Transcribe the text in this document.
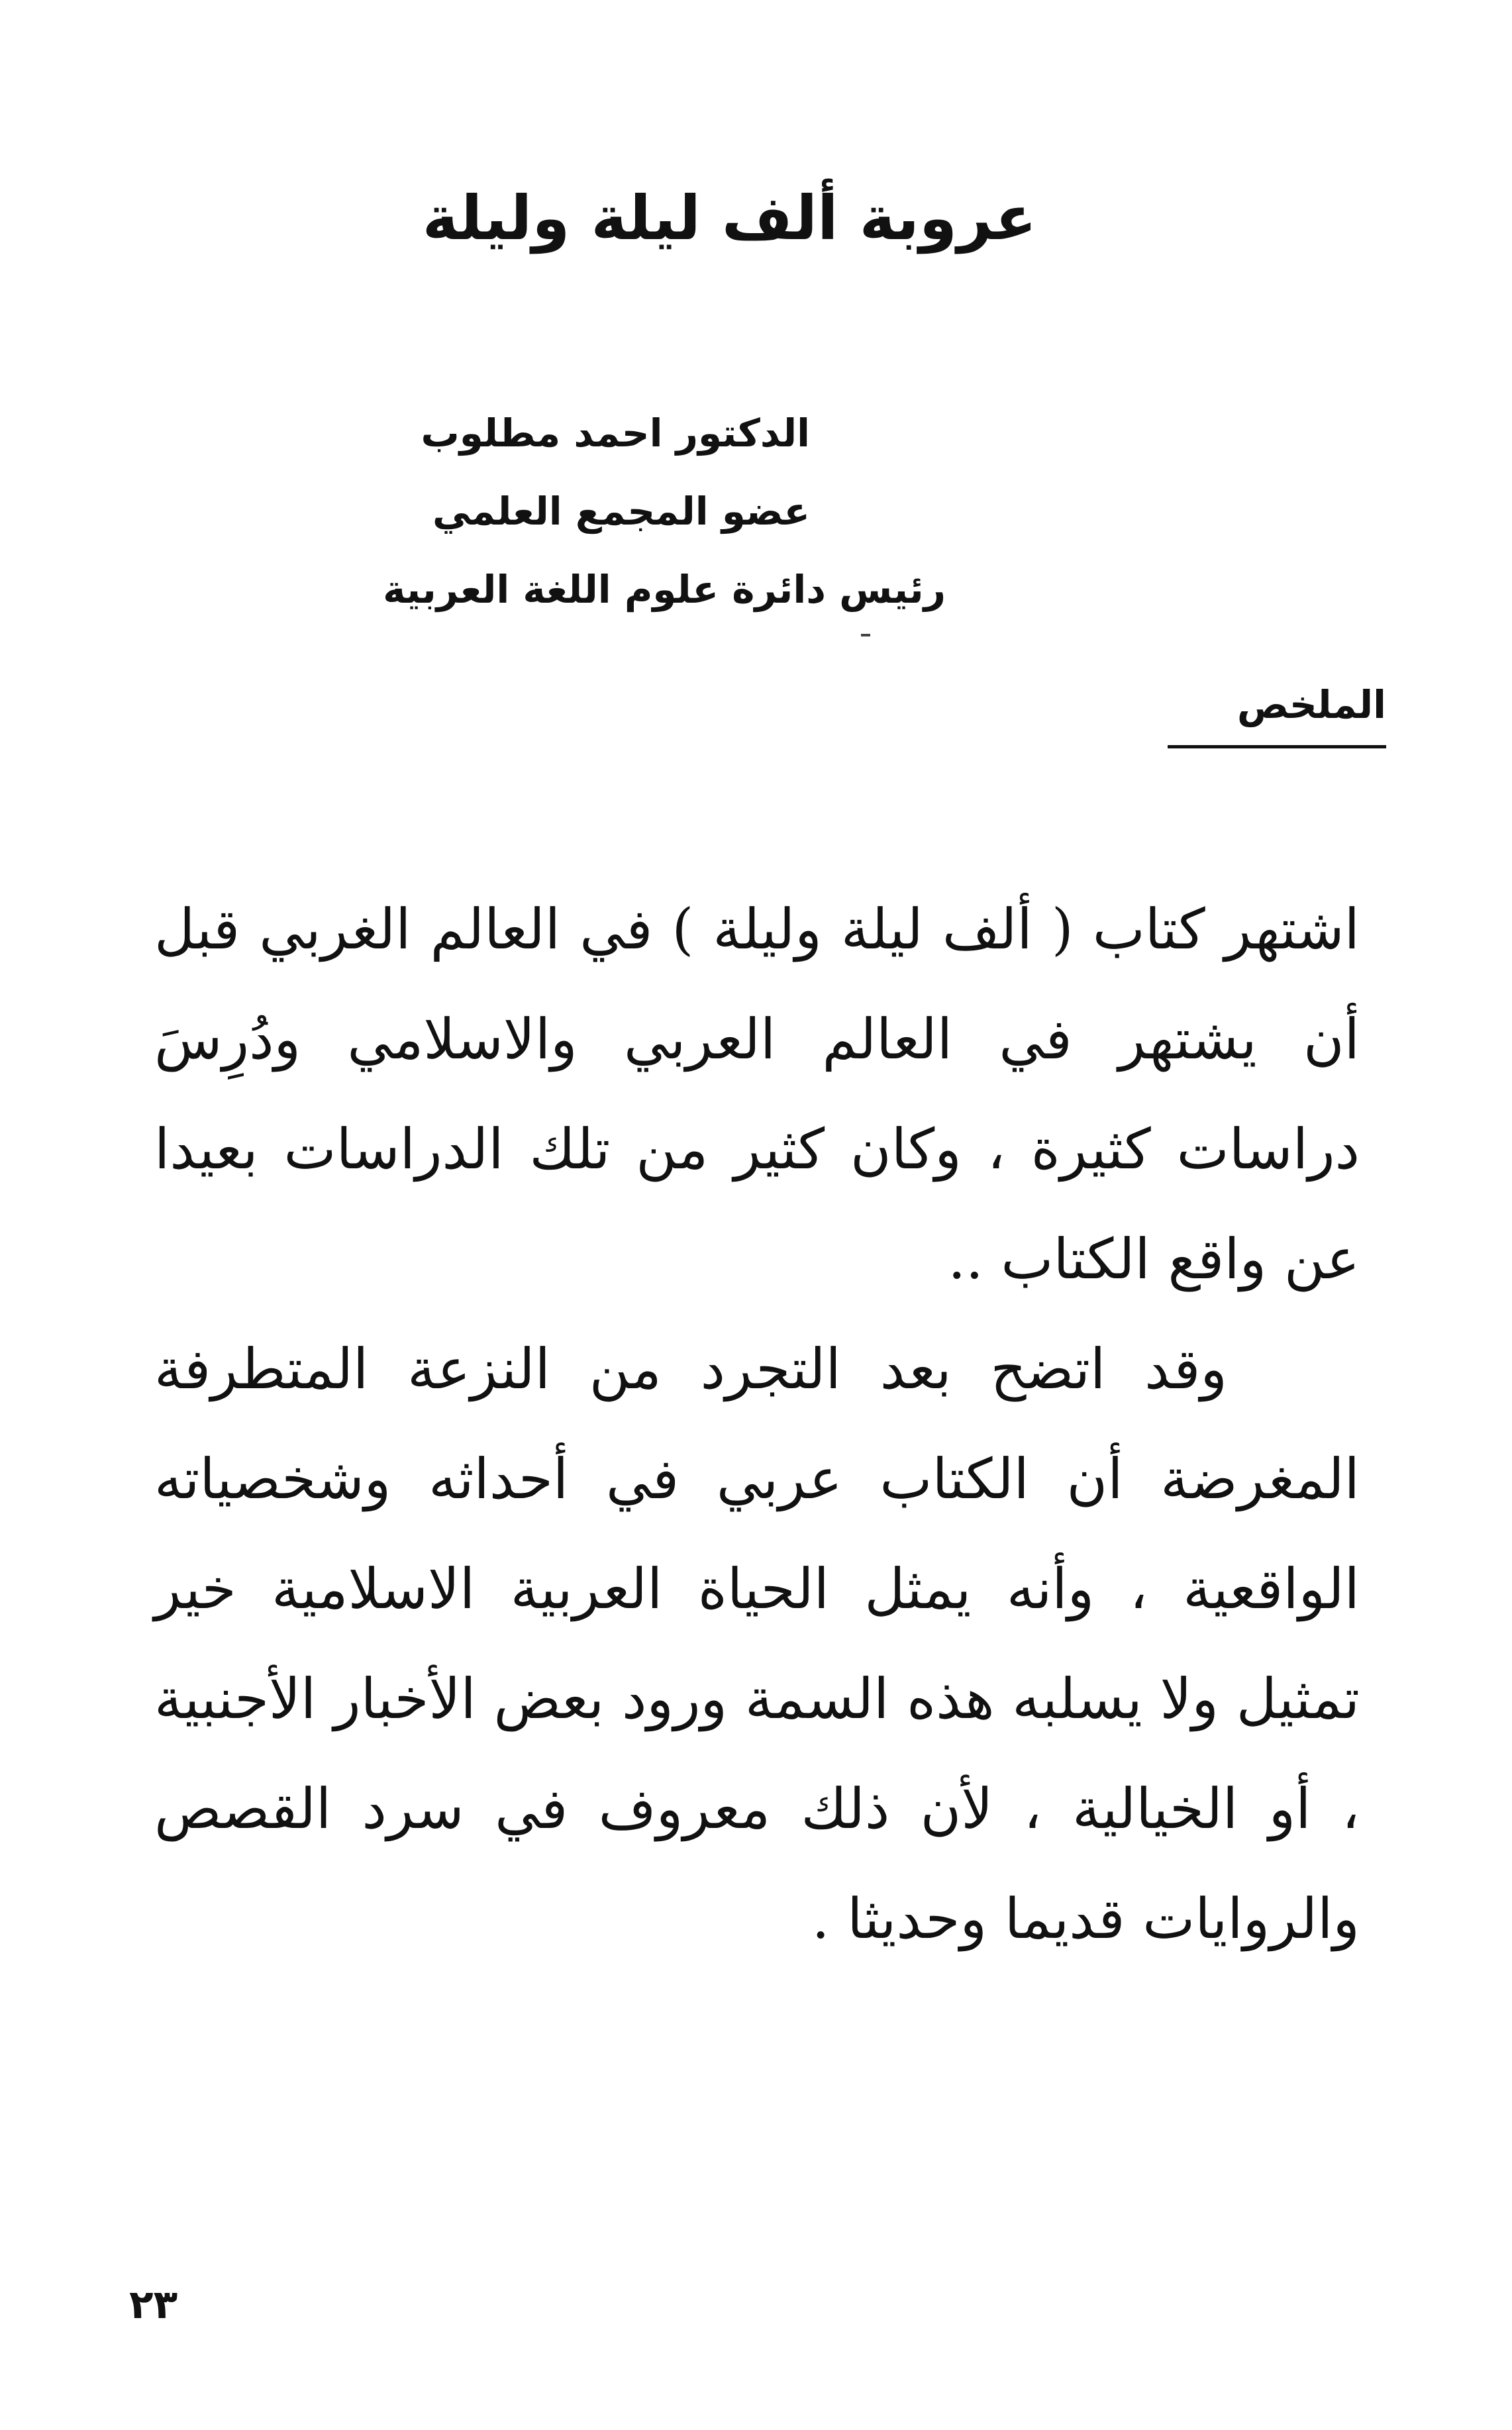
عروبة ألف ليلة وليلة
الدكتور احمد مطلوب
عضو المجمع العلمي
رئيس دائرة علوم اللغة العربية
الملخص

اشتهر كتاب ( ألف ليلة وليلة ) في العالم الغربي قبل أن يشتهر في العالم العربي والاسلامي ودُرِسَ دراسات كثيرة ، وكان كثير من تلك الدراسات بعيدا عن واقع الكتاب ..

وقد اتضح بعد التجرد من النزعة المتطرفة المغرضة أن الكتاب عربي في أحداثه وشخصياته الواقعية ، وأنه يمثل الحياة العربية الاسلامية خير تمثيل ولا يسلبه هذه السمة ورود بعض الأخبار الأجنبية ، أو الخيالية ، لأن ذلك معروف في سرد القصص والروايات قديما وحديثا .

٢٣
